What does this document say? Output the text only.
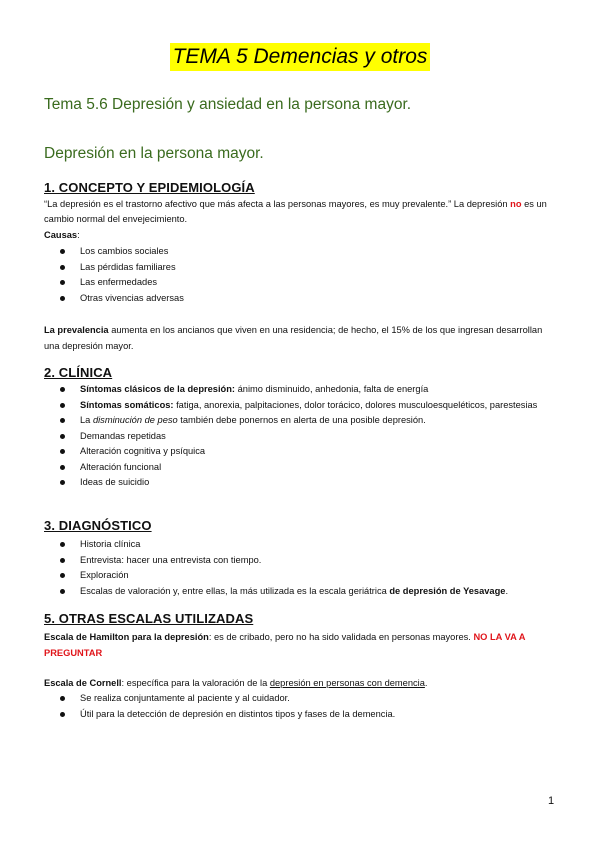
TEMA 5 Demencias y otros
Tema 5.6 Depresión y ansiedad en la persona mayor.
Depresión en la persona mayor.
1. CONCEPTO Y EPIDEMIOLOGÍA
“La depresión es el trastorno afectivo que más afecta a las personas mayores, es muy prevalente.” La depresión no es un cambio normal del envejecimiento.
Causas:
Los cambios sociales
Las pérdidas familiares
Las enfermedades
Otras vivencias adversas
La prevalencia aumenta en los ancianos que viven en una residencia; de hecho, el 15% de los que ingresan desarrollan una depresión mayor.
2. CLÍNICA
Síntomas clásicos de la depresión: ánimo disminuido, anhedonia, falta de energía
Síntomas somáticos: fatiga, anorexia, palpitaciones, dolor torácico, dolores musculoesqueléticos, parestesias
La disminución de peso también debe ponernos en alerta de una posible depresión.
Demandas repetidas
Alteración cognitiva y psíquica
Alteración funcional
Ideas de suicidio
3. DIAGNÓSTICO
Historia clínica
Entrevista: hacer una entrevista con tiempo.
Exploración
Escalas de valoración y, entre ellas, la más utilizada es la escala geriátrica de depresión de Yesavage.
5. OTRAS ESCALAS UTILIZADAS
Escala de Hamilton para la depresión: es de cribado, pero no ha sido validada en personas mayores. NO LA VA A PREGUNTAR
Escala de Cornell: específica para la valoración de la depresión en personas con demencia.
Se realiza conjuntamente al paciente y al cuidador.
Útil para la detección de depresión en distintos tipos y fases de la demencia.
1
